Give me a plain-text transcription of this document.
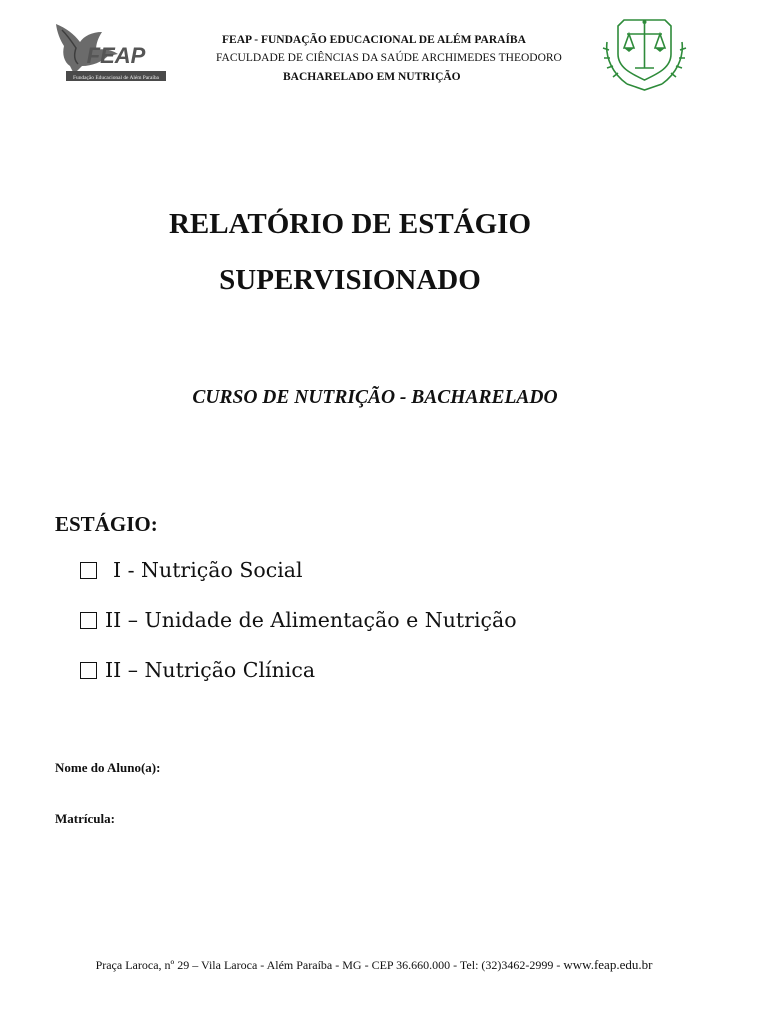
FEAP
Fundação Educacional de Além Paraíba
FEAP - FUNDAÇÃO EDUCACIONAL DE ALÉM PARAÍBA
FACULDADE DE CIÊNCIAS DA SAÚDE ARCHIMEDES THEODORO
BACHARELADO EM NUTRIÇÃO
RELATÓRIO DE ESTÁGIO
SUPERVISIONADO
CURSO DE NUTRIÇÃO - BACHARELADO
ESTÁGIO:
I - Nutrição Social
II – Unidade de Alimentação e Nutrição
II – Nutrição Clínica
Nome do Aluno(a):
Matrícula:
Praça Laroca, nº 29 – Vila Laroca - Além Paraíba - MG - CEP 36.660.000 - Tel: (32)3462-2999 - www.feap.edu.br
